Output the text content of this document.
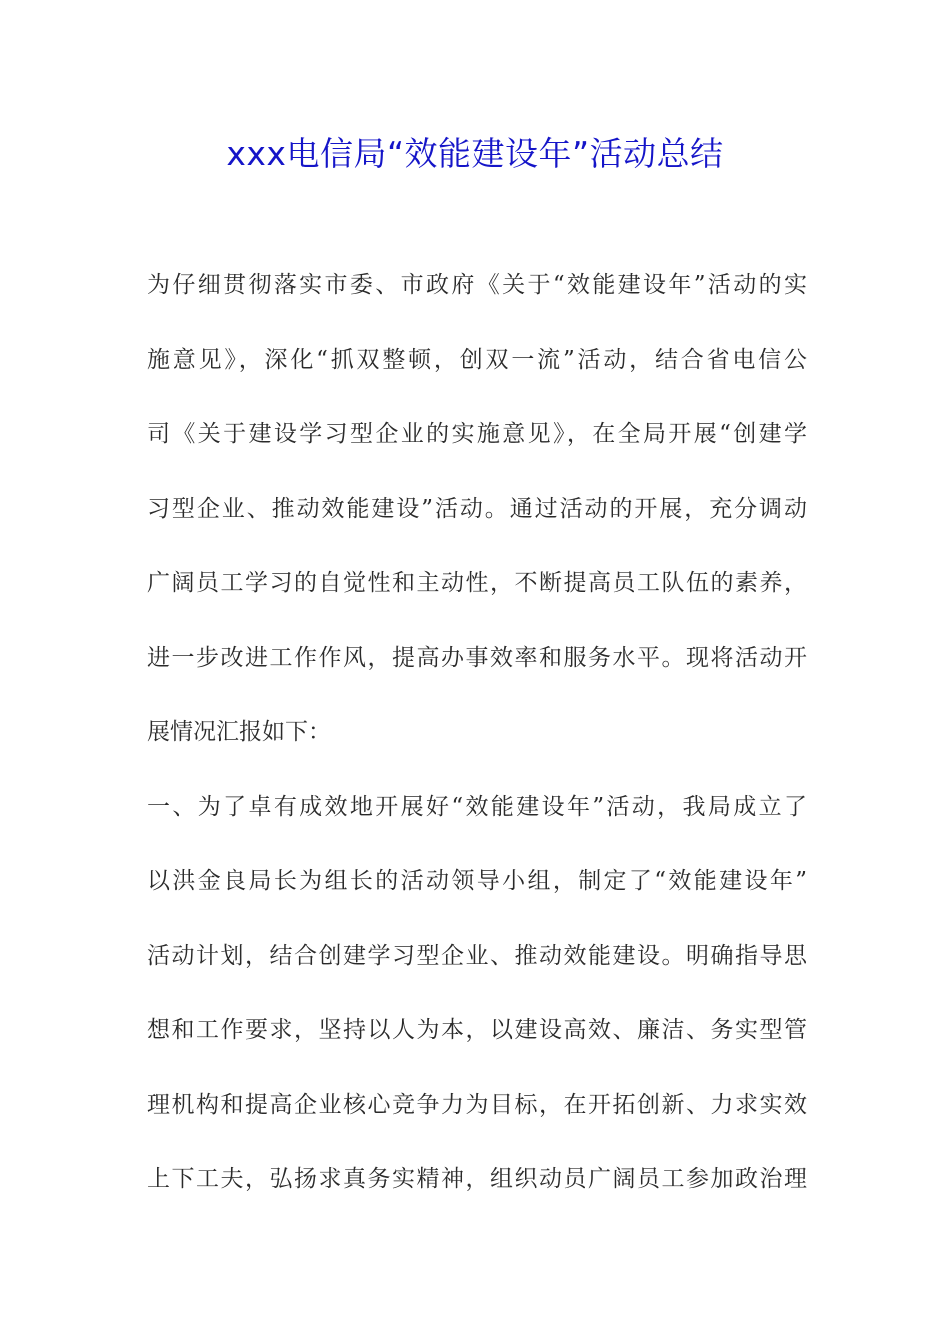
xxx电信局“效能建设年”活动总结
为仔细贯彻落实市委、市政府《关于“效能建设年”活动的实
施意见》，深化“抓双整顿，创双一流”活动，结合省电信公
司《关于建设学习型企业的实施意见》，在全局开展“创建学
习型企业、推动效能建设”活动。通过活动的开展，充分调动
广阔员工学习的自觉性和主动性，不断提高员工队伍的素养，
进一步改进工作作风，提高办事效率和服务水平。现将活动开
展情况汇报如下：
一、为了卓有成效地开展好“效能建设年”活动，我局成立了
以洪金良局长为组长的活动领导小组，制定了“效能建设年”
活动计划，结合创建学习型企业、推动效能建设。明确指导思
想和工作要求，坚持以人为本，以建设高效、廉洁、务实型管
理机构和提高企业核心竞争力为目标，在开拓创新、力求实效
上下工夫，弘扬求真务实精神，组织动员广阔员工参加政治理
